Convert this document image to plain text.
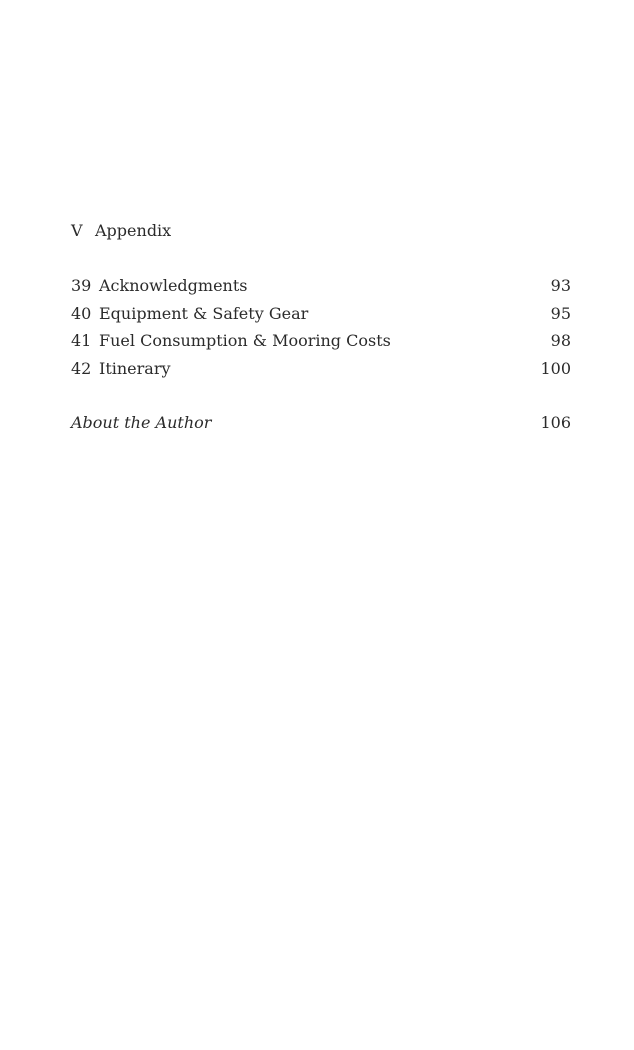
V Appendix
39 Acknowledgments	93
40 Equipment & Safety Gear	95
41 Fuel Consumption & Mooring Costs	98
42 Itinerary	100
About the Author	106
